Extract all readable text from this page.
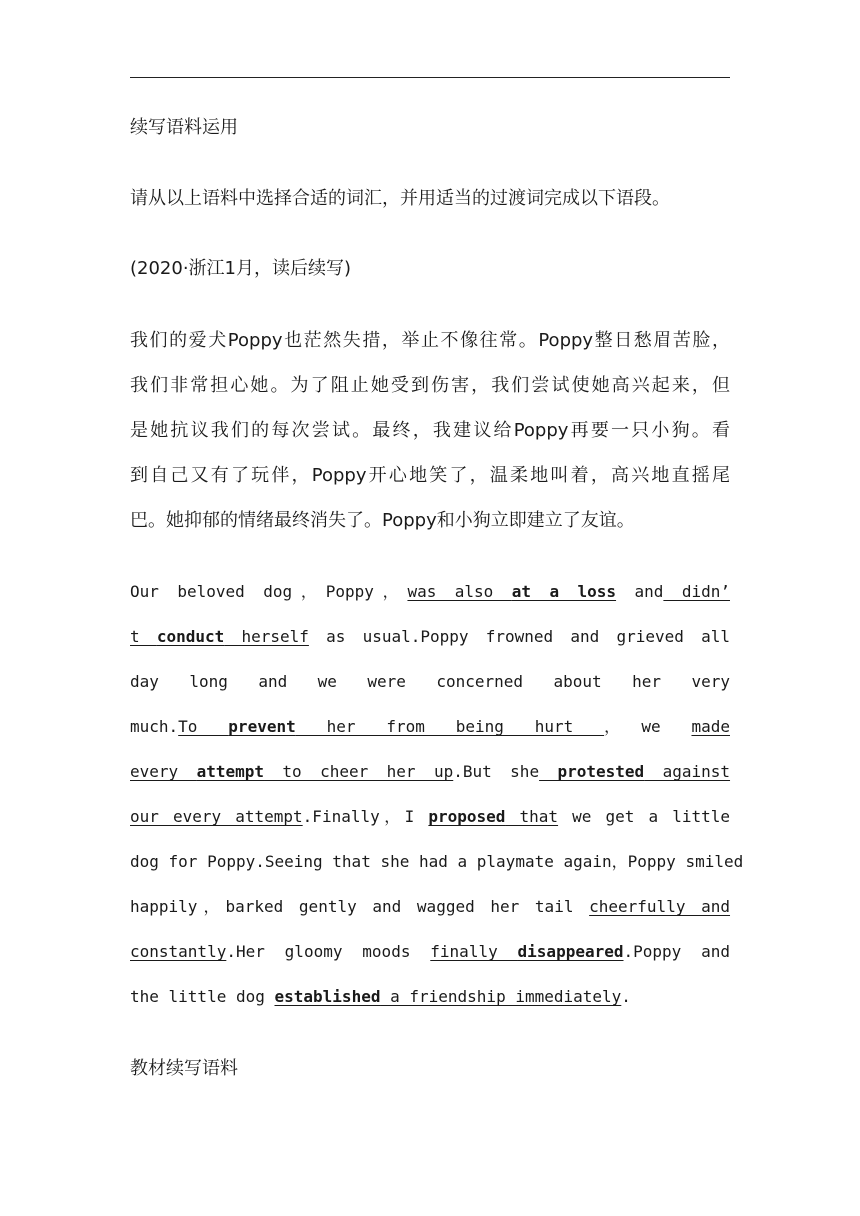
续写语料运用
请从以上语料中选择合适的词汇，并用适当的过渡词完成以下语段。
(2020·浙江1月，读后续写)
我们的爱犬Poppy也茫然失措，举止不像往常。Poppy整日愁眉苦脸，
我们非常担心她。为了阻止她受到伤害，我们尝试使她高兴起来，但
是她抗议我们的每次尝试。最终，我建议给Poppy再要一只小狗。看
到自己又有了玩伴，Poppy开心地笑了，温柔地叫着，高兴地直摇尾
巴。她抑郁的情绪最终消失了。Poppy和小狗立即建立了友谊。
Our beloved dog，Poppy，was also at a loss and didn’
t conduct herself as usual.Poppy frowned and grieved all
day long and we were concerned about her very
much.To prevent her from being hurt ，we made
every attempt to cheer her up.But she protested against
our every attempt.Finally，I proposed that we get a little
dog for Poppy.Seeing that she had a playmate again，Poppy smiled
happily，barked gently and wagged her tail cheerfully and
constantly.Her gloomy moods finally disappeared.Poppy and
the little dog established a friendship immediately.
教材续写语料
